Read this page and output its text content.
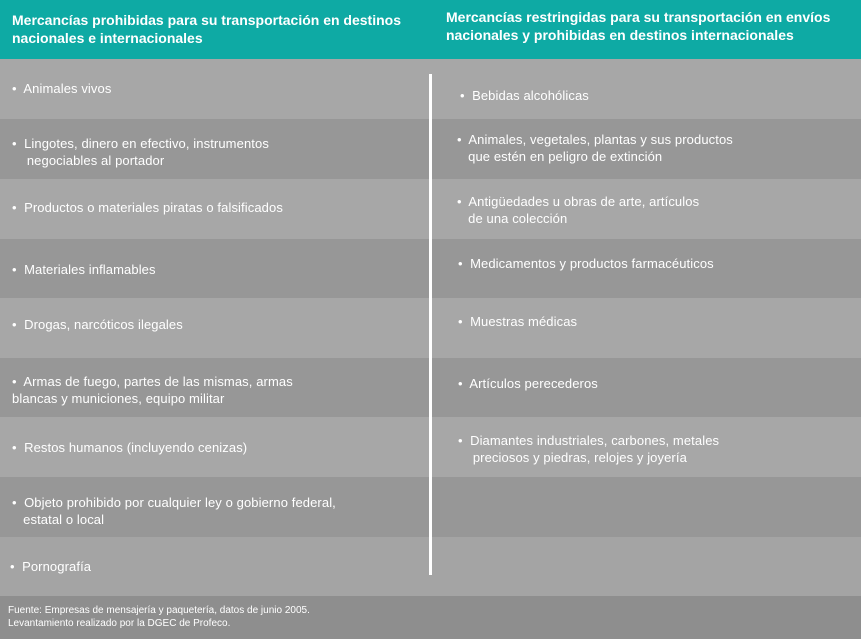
Mercancías prohibidas para su transportación en destinos nacionales e internacionales
Mercancías restringidas para su transportación en envíos nacionales y prohibidas en destinos internacionales
•  Animales vivos
•  Lingotes, dinero en efectivo, instrumentos
negociables al portador
•  Productos o materiales piratas o falsificados
•  Materiales inflamables
•  Drogas, narcóticos ilegales
•  Armas de fuego, partes de las mismas, armas
blancas y municiones, equipo militar
•  Restos humanos (incluyendo cenizas)
•  Objeto prohibido por cualquier ley o gobierno federal,
estatal o local
•  Pornografía
•  Bebidas alcohólicas
•  Animales, vegetales, plantas y sus productos
que estén en peligro de extinción
•  Antigüedades u obras de arte, artículos
de una colección
•  Medicamentos y productos farmacéuticos
•  Muestras médicas
•  Artículos perecederos
•  Diamantes industriales, carbones, metales
preciosos y piedras, relojes y joyería
Fuente: Empresas de mensajería y paquetería, datos de junio 2005.
Levantamiento realizado por la DGEC de Profeco.
